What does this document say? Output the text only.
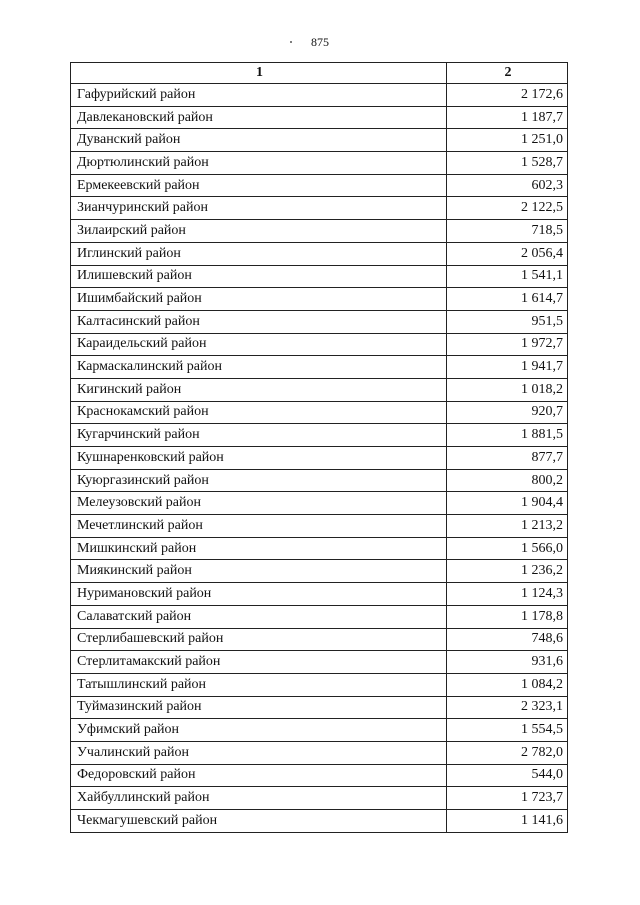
875
1	2
Гафурийский район	2 172,6
Давлекановский район	1 187,7
Дуванский район	1 251,0
Дюртюлинский район	1 528,7
Ермекеевский район	602,3
Зианчуринский район	2 122,5
Зилаирский район	718,5
Иглинский район	2 056,4
Илишевский район	1 541,1
Ишимбайский район	1 614,7
Калтасинский район	951,5
Караидельский район	1 972,7
Кармаскалинский район	1 941,7
Кигинский район	1 018,2
Краснокамский район	920,7
Кугарчинский район	1 881,5
Кушнаренковский район	877,7
Куюргазинский район	800,2
Мелеузовский район	1 904,4
Мечетлинский район	1 213,2
Мишкинский район	1 566,0
Миякинский район	1 236,2
Нуримановский район	1 124,3
Салаватский район	1 178,8
Стерлибашевский район	748,6
Стерлитамакский район	931,6
Татышлинский район	1 084,2
Туймазинский район	2 323,1
Уфимский район	1 554,5
Учалинский район	2 782,0
Федоровский район	544,0
Хайбуллинский район	1 723,7
Чекмагушевский район	1 141,6
